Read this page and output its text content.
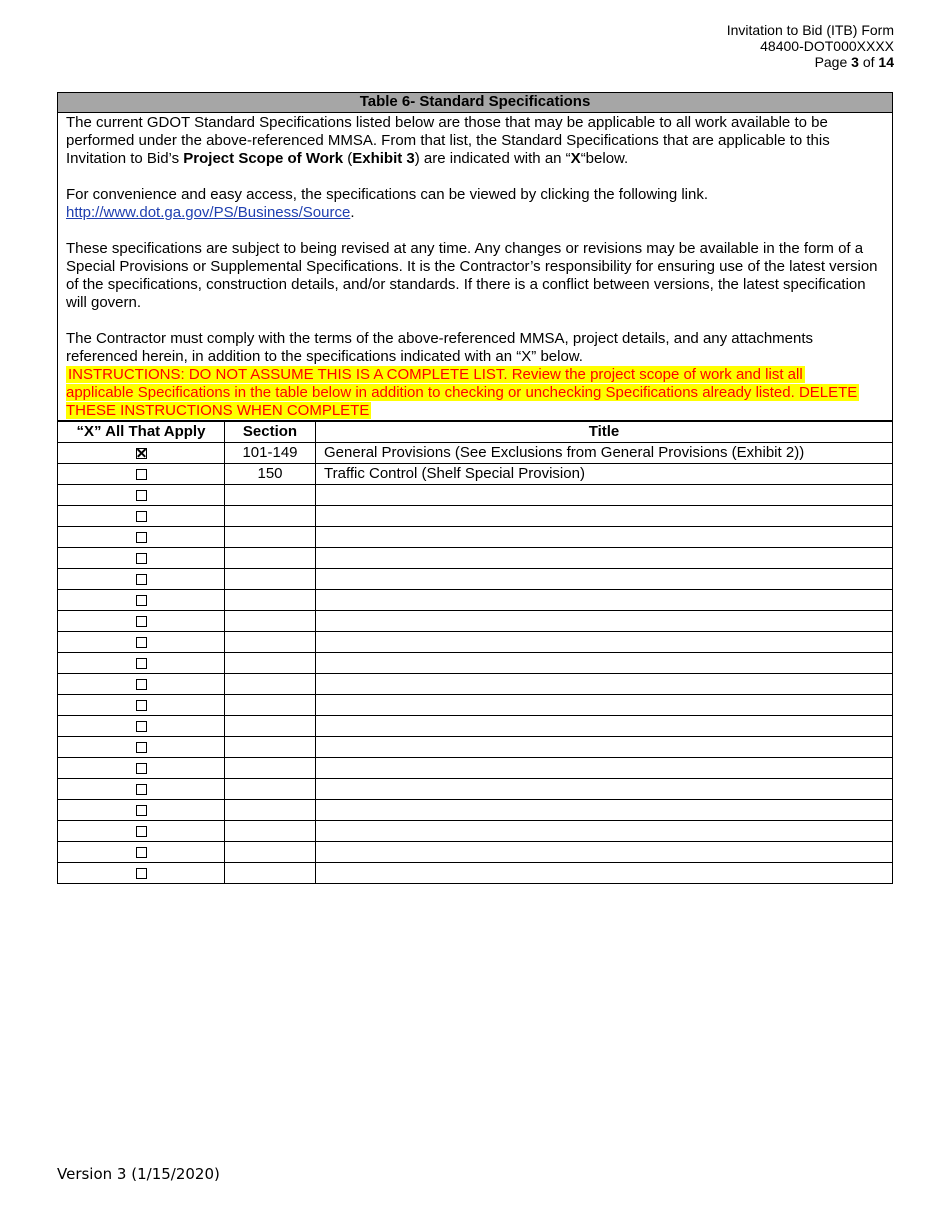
Invitation to Bid (ITB) Form
48400-DOT000XXXX
Page 3 of 14
Table 6- Standard Specifications

The current GDOT Standard Specifications listed below are those that may be applicable to all work available to be performed under the above-referenced MMSA. From that list, the Standard Specifications that are applicable to this Invitation to Bid’s Project Scope of Work (Exhibit 3) are indicated with an “X“below.

For convenience and easy access, the specifications can be viewed by clicking the following link.
http://www.dot.ga.gov/PS/Business/Source.

These specifications are subject to being revised at any time. Any changes or revisions may be available in the form of a Special Provisions or Supplemental Specifications. It is the Contractor’s responsibility for ensuring use of the latest version of the specifications, construction details, and/or standards. If there is a conflict between versions, the latest specification will govern.

The Contractor must comply with the terms of the above-referenced MMSA, project details, and any attachments referenced herein, in addition to the specifications indicated with an “X” below.

INSTRUCTIONS: DO NOT ASSUME THIS IS A COMPLETE LIST. Review the project scope of work and list all
applicable Specifications in the table below in addition to checking or unchecking Specifications already listed. DELETE
THESE INSTRUCTIONS WHEN COMPLETE

“X” All That Apply	Section	Title
	101-149	General Provisions (See Exclusions from General Provisions (Exhibit 2))
	150	Traffic Control (Shelf Special Provision)

Version 3 (1/15/2020)
